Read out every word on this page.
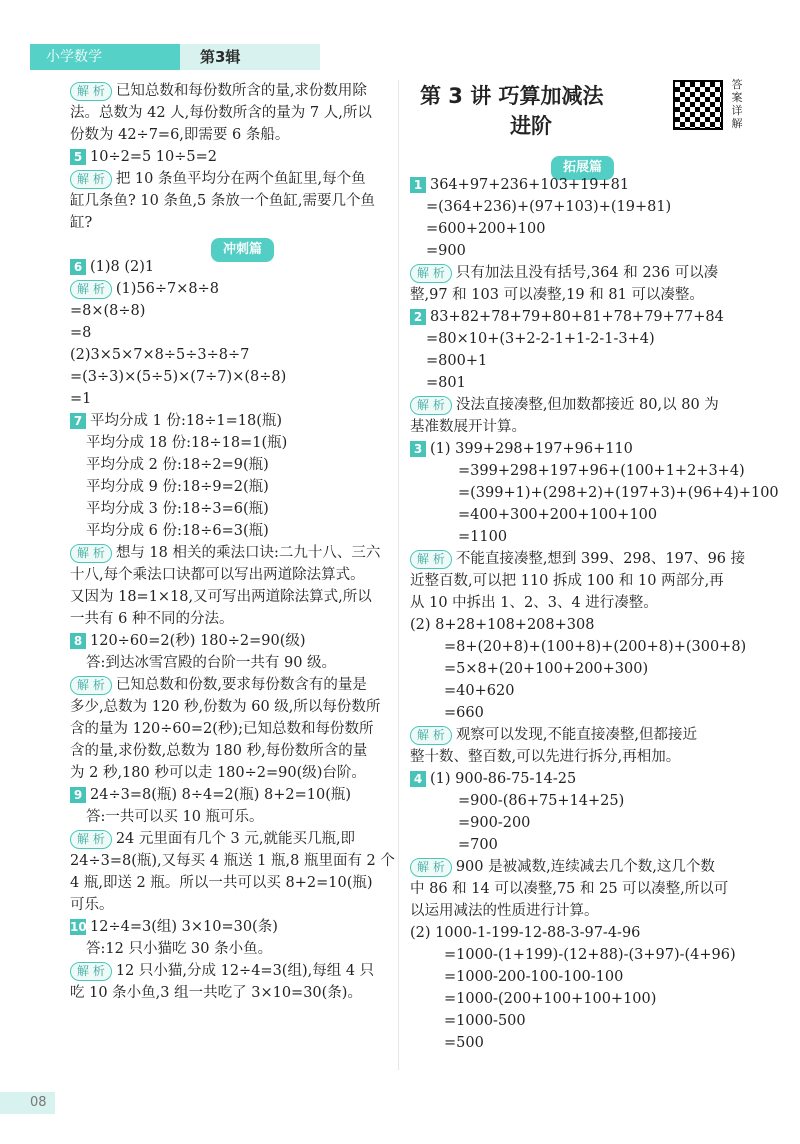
小学数学	第3辑
解 析 已知总数和每份数所含的量,求份数用除
法。总数为 42 人,每份数所含的量为 7 人,所以
份数为 42÷7=6,即需要 6 条船。
5 10÷2=5 10÷5=2
解 析 把 10 条鱼平均分在两个鱼缸里,每个鱼
缸几条鱼? 10 条鱼,5 条放一个鱼缸,需要几个鱼
缸?
冲刺篇
6 (1)8 (2)1
解 析 (1)56÷7×8÷8
=8×(8÷8)
=8
(2)3×5×7×8÷5÷3÷8÷7
=(3÷3)×(5÷5)×(7÷7)×(8÷8)
=1
7 平均分成 1 份:18÷1=18(瓶)
平均分成 18 份:18÷18=1(瓶)
平均分成 2 份:18÷2=9(瓶)
平均分成 9 份:18÷9=2(瓶)
平均分成 3 份:18÷3=6(瓶)
平均分成 6 份:18÷6=3(瓶)
解 析 想与 18 相关的乘法口诀:二九十八、三六
十八,每个乘法口诀都可以写出两道除法算式。
又因为 18=1×18,又可写出两道除法算式,所以
一共有 6 种不同的分法。
8 120÷60=2(秒) 180÷2=90(级)
答:到达冰雪宫殿的台阶一共有 90 级。
解 析 已知总数和份数,要求每份数含有的量是
多少,总数为 120 秒,份数为 60 级,所以每份数所
含的量为 120÷60=2(秒);已知总数和每份数所
含的量,求份数,总数为 180 秒,每份数所含的量
为 2 秒,180 秒可以走 180÷2=90(级)台阶。
9 24÷3=8(瓶) 8÷4=2(瓶) 8+2=10(瓶)
答:一共可以买 10 瓶可乐。
解 析 24 元里面有几个 3 元,就能买几瓶,即
24÷3=8(瓶),又每买 4 瓶送 1 瓶,8 瓶里面有 2 个
4 瓶,即送 2 瓶。所以一共可以买 8+2=10(瓶)
可乐。
10 12÷4=3(组) 3×10=30(条)
答:12 只小猫吃 30 条小鱼。
解 析 12 只小猫,分成 12÷4=3(组),每组 4 只
吃 10 条小鱼,3 组一共吃了 3×10=30(条)。
第 3 讲 巧算加减法
进阶
答案详解
拓展篇
1 364+97+236+103+19+81
=(364+236)+(97+103)+(19+81)
=600+200+100
=900
解 析 只有加法且没有括号,364 和 236 可以凑
整,97 和 103 可以凑整,19 和 81 可以凑整。
2 83+82+78+79+80+81+78+79+77+84
=80×10+(3+2-2-1+1-2-1-3+4)
=800+1
=801
解 析 没法直接凑整,但加数都接近 80,以 80 为
基准数展开计算。
3 (1) 399+298+197+96+110
=399+298+197+96+(100+1+2+3+4)
=(399+1)+(298+2)+(197+3)+(96+4)+100
=400+300+200+100+100
=1100
解 析 不能直接凑整,想到 399、298、197、96 接
近整百数,可以把 110 拆成 100 和 10 两部分,再
从 10 中拆出 1、2、3、4 进行凑整。
(2) 8+28+108+208+308
=8+(20+8)+(100+8)+(200+8)+(300+8)
=5×8+(20+100+200+300)
=40+620
=660
解 析 观察可以发现,不能直接凑整,但都接近
整十数、整百数,可以先进行拆分,再相加。
4 (1) 900-86-75-14-25
=900-(86+75+14+25)
=900-200
=700
解 析 900 是被减数,连续减去几个数,这几个数
中 86 和 14 可以凑整,75 和 25 可以凑整,所以可
以运用减法的性质进行计算。
(2) 1000-1-199-12-88-3-97-4-96
=1000-(1+199)-(12+88)-(3+97)-(4+96)
=1000-200-100-100-100
=1000-(200+100+100+100)
=1000-500
=500
08
